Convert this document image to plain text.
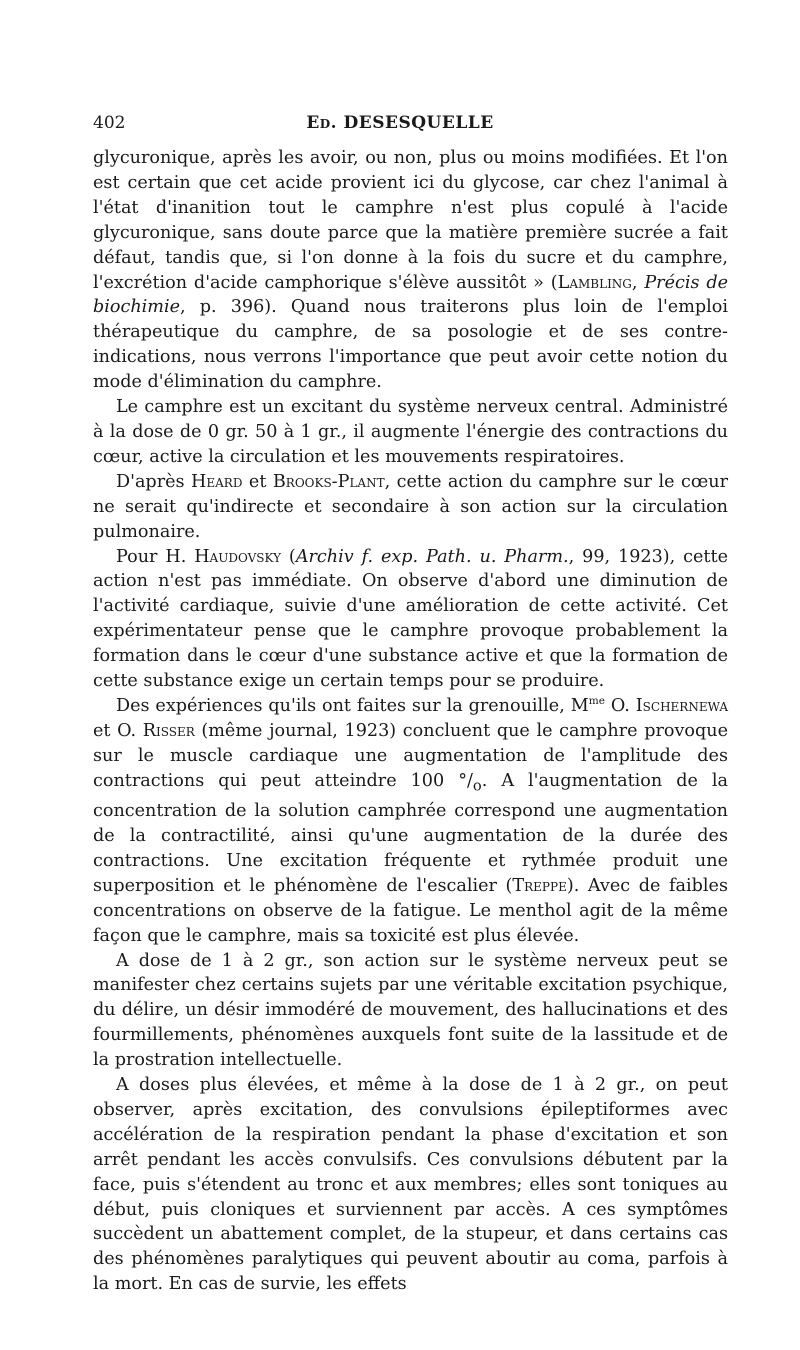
402	Ed. DESESQUELLE

glycuronique, après les avoir, ou non, plus ou moins modifiées. Et l'on est certain que cet acide provient ici du glycose, car chez l'animal à l'état d'inanition tout le camphre n'est plus copulé à l'acide glycuronique, sans doute parce que la matière première sucrée a fait défaut, tandis que, si l'on donne à la fois du sucre et du camphre, l'excrétion d'acide camphorique s'élève aussitôt » (Lambling, Précis de biochimie, p. 396). Quand nous traiterons plus loin de l'emploi thérapeutique du camphre, de sa posologie et de ses contre-indications, nous verrons l'importance que peut avoir cette notion du mode d'élimination du camphre.

Le camphre est un excitant du système nerveux central. Administré à la dose de 0 gr. 50 à 1 gr., il augmente l'énergie des contractions du cœur, active la circulation et les mouvements respiratoires.

D'après Heard et Brooks-Plant, cette action du camphre sur le cœur ne serait qu'indirecte et secondaire à son action sur la circulation pulmonaire.

Pour H. Haudovsky (Archiv f. exp. Path. u. Pharm., 99, 1923), cette action n'est pas immédiate. On observe d'abord une diminution de l'activité cardiaque, suivie d'une amélioration de cette activité. Cet expérimentateur pense que le camphre provoque probablement la formation dans le cœur d'une substance active et que la formation de cette substance exige un certain temps pour se produire.

Des expériences qu'ils ont faites sur la grenouille, $M^{me}$ O. Ischernewa et O. Risser (même journal, 1923) concluent que le camphre provoque sur le muscle cardiaque une augmentation de l'amplitude des contractions qui peut atteindre 100 $^\circ/_o$. A l'augmentation de la concentration de la solution camphrée correspond une augmentation de la contractilité, ainsi qu'une augmentation de la durée des contractions. Une excitation fréquente et rythmée produit une superposition et le phénomène de l'escalier (Treppe). Avec de faibles concentrations on observe de la fatigue. Le menthol agit de la même façon que le camphre, mais sa toxicité est plus élevée.

A dose de 1 à 2 gr., son action sur le système nerveux peut se manifester chez certains sujets par une véritable excitation psychique, du délire, un désir immodéré de mouvement, des hallucinations et des fourmillements, phénomènes auxquels font suite de la lassitude et de la prostration intellectuelle.

A doses plus élevées, et même à la dose de 1 à 2 gr., on peut observer, après excitation, des convulsions épileptiformes avec accélération de la respiration pendant la phase d'excitation et son arrêt pendant les accès convulsifs. Ces convulsions débutent par la face, puis s'étendent au tronc et aux membres; elles sont toniques au début, puis cloniques et surviennent par accès. A ces symptômes succèdent un abattement complet, de la stupeur, et dans certains cas des phénomènes paralytiques qui peuvent aboutir au coma, parfois à la mort. En cas de survie, les effets
